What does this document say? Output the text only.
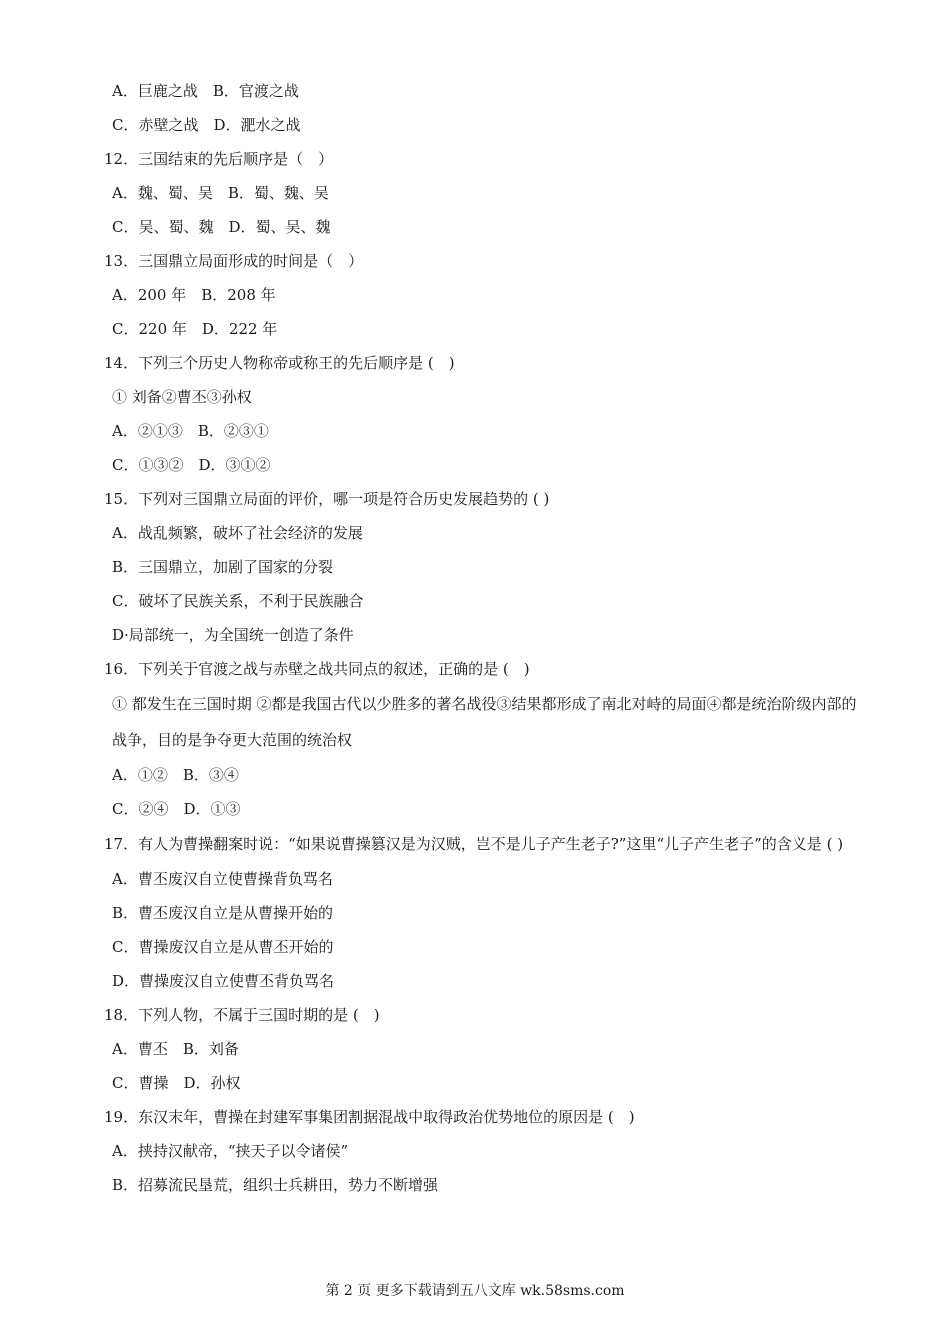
A．巨鹿之战　B．官渡之战
C．赤壁之战　D．淝水之战
12．三国结束的先后顺序是（　）
A．魏、蜀、吴　B．蜀、魏、吴
C．吴、蜀、魏　D．蜀、吴、魏
13．三国鼎立局面形成的时间是（　）
A．200 年　B．208 年
C．220 年　D．222 年
14．下列三个历史人物称帝或称王的先后顺序是 (　)
① 刘备②曹丕③孙权
A．②①③　B．②③①
C．①③②　D．③①②
15．下列对三国鼎立局面的评价，哪一项是符合历史发展趋势的 ( )
A．战乱频繁，破坏了社会经济的发展
B．三国鼎立，加剧了国家的分裂
C．破坏了民族关系，不利于民族融合
D·局部统一，为全国统一创造了条件
16．下列关于官渡之战与赤壁之战共同点的叙述，正确的是 (　)
① 都发生在三国时期 ②都是我国古代以少胜多的著名战役③结果都形成了南北对峙的局面④都是统治阶级内部的战争，目的是争夺更大范围的统治权
A．①②　B．③④
C．②④　D．①③
17．有人为曹操翻案时说：“如果说曹操篡汉是为汉贼，岂不是儿子产生老子?”这里“儿子产生老子”的含义是 ( )
A．曹丕废汉自立使曹操背负骂名
B．曹丕废汉自立是从曹操开始的
C．曹操废汉自立是从曹丕开始的
D．曹操废汉自立使曹丕背负骂名
18．下列人物，不属于三国时期的是 (　)
A．曹丕　B．刘备
C．曹操　D．孙权
19．东汉末年，曹操在封建军事集团割据混战中取得政治优势地位的原因是 (　)
A．挟持汉献帝，“挟天子以令诸侯”
B．招募流民垦荒，组织士兵耕田，势力不断增强
第 2 页 更多下载请到五八文库 wk.58sms.com
